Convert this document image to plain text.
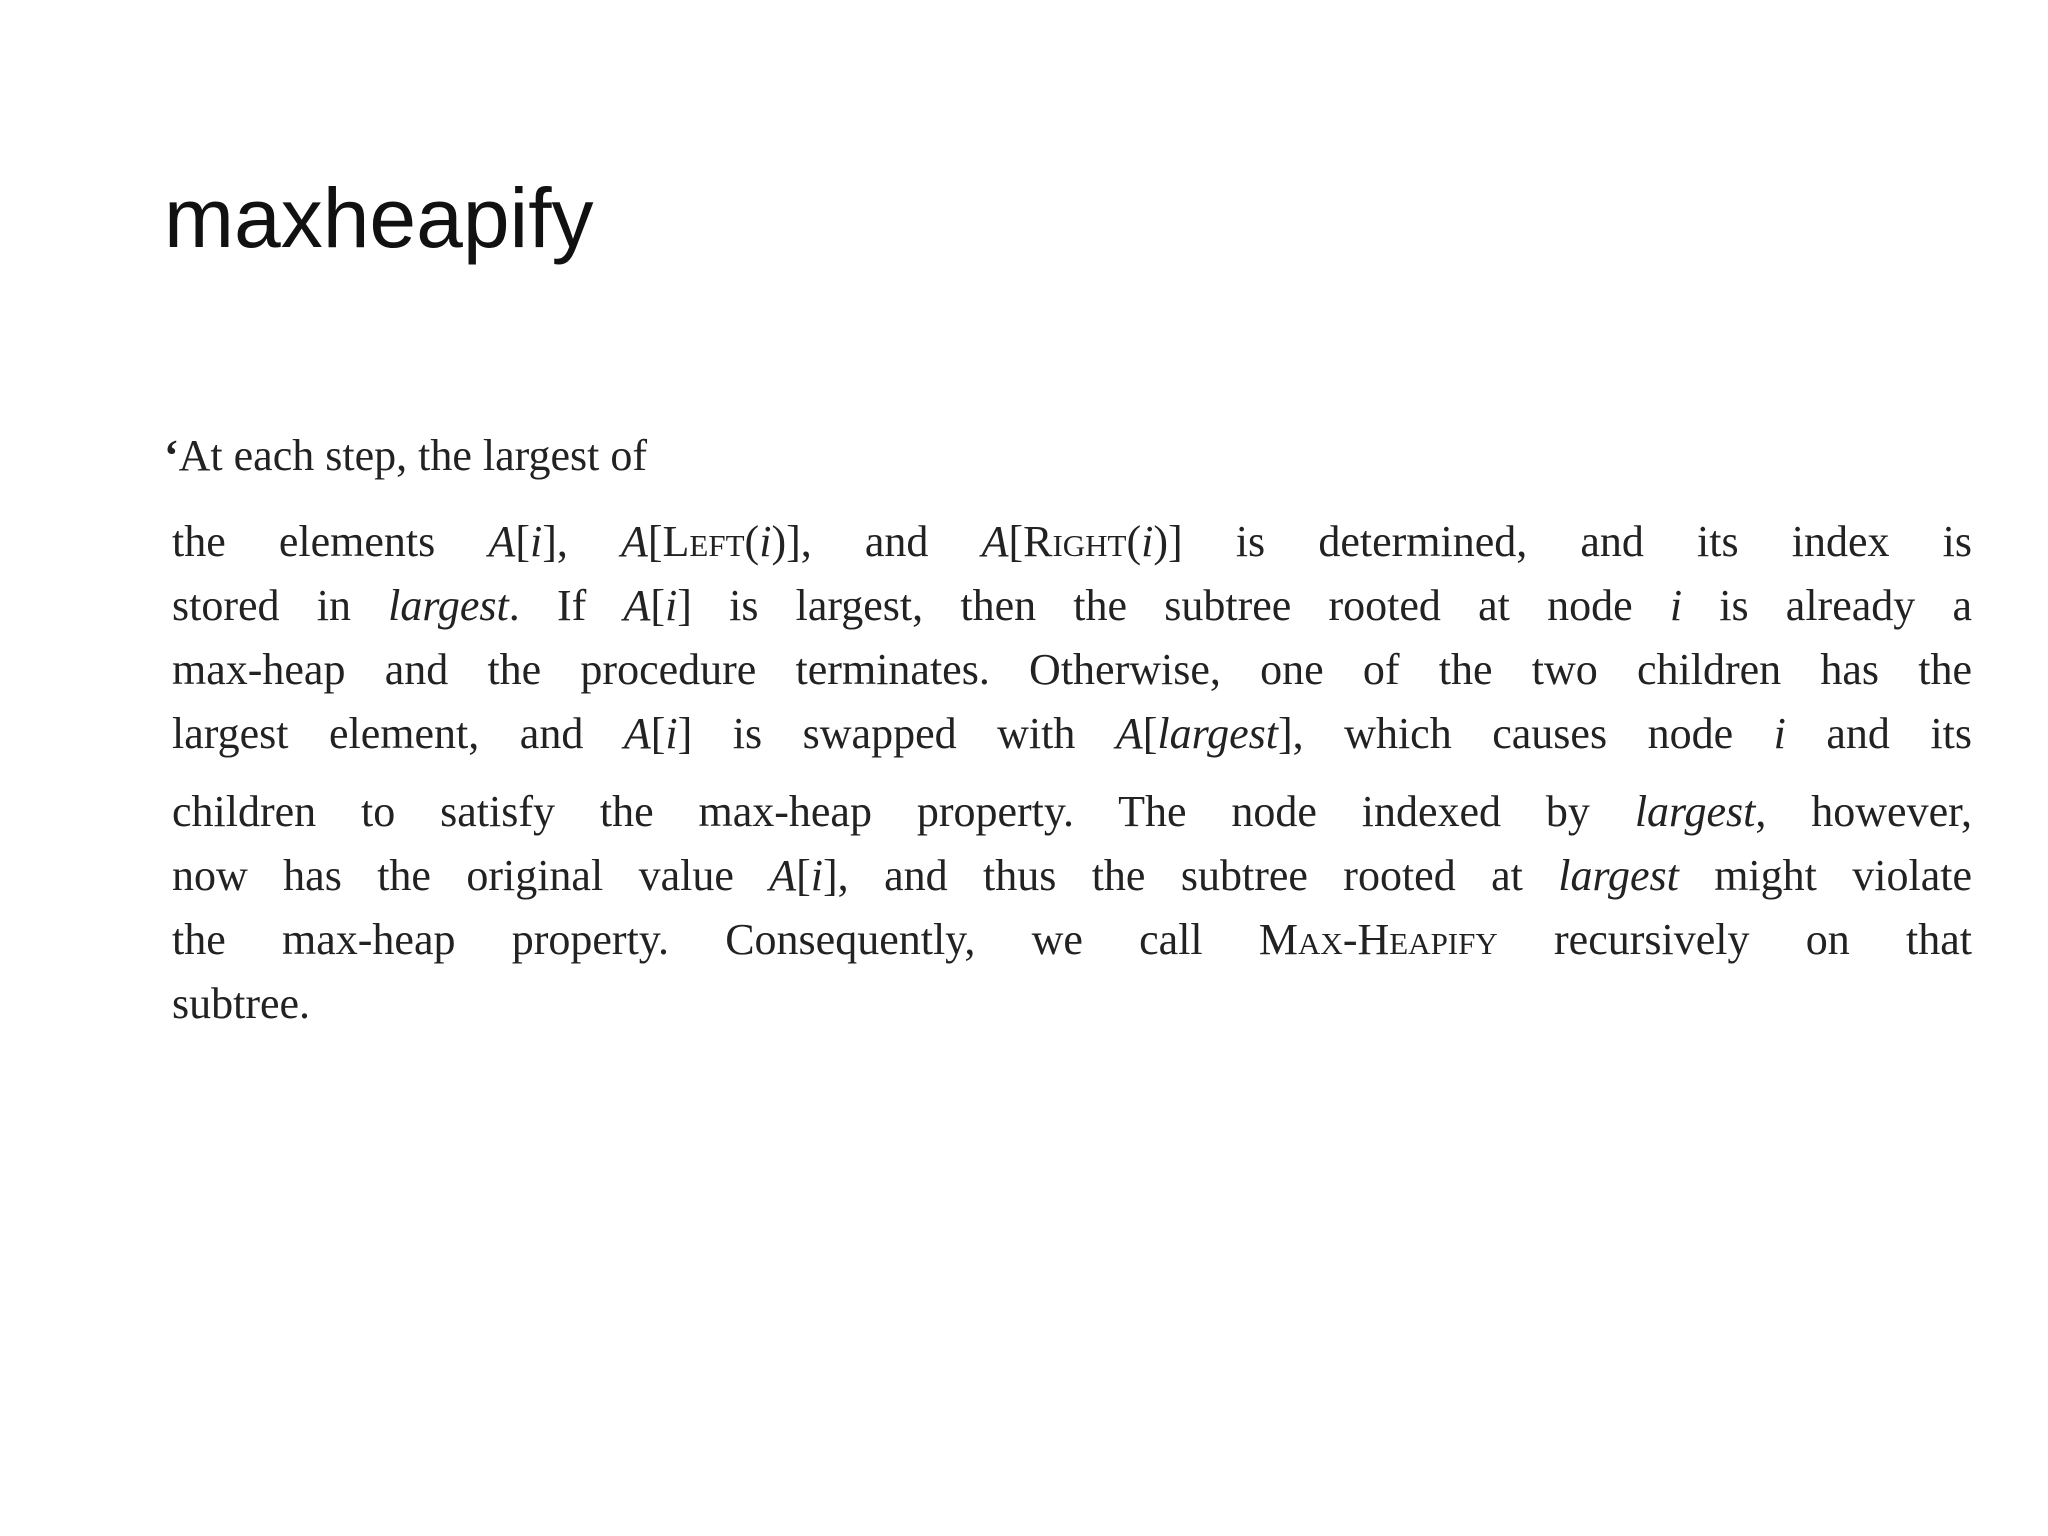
maxheapify
‘At each step, the largest of
the elements A[i], A[Left(i)], and A[Right(i)] is determined, and its index is
stored in largest. If A[i] is largest, then the subtree rooted at node i is already a
max-heap and the procedure terminates. Otherwise, one of the two children has the
largest element, and A[i] is swapped with A[largest], which causes node i and its
children to satisfy the max-heap property. The node indexed by largest, however,
now has the original value A[i], and thus the subtree rooted at largest might violate
the max-heap property. Consequently, we call Max-Heapify recursively on that
subtree.
